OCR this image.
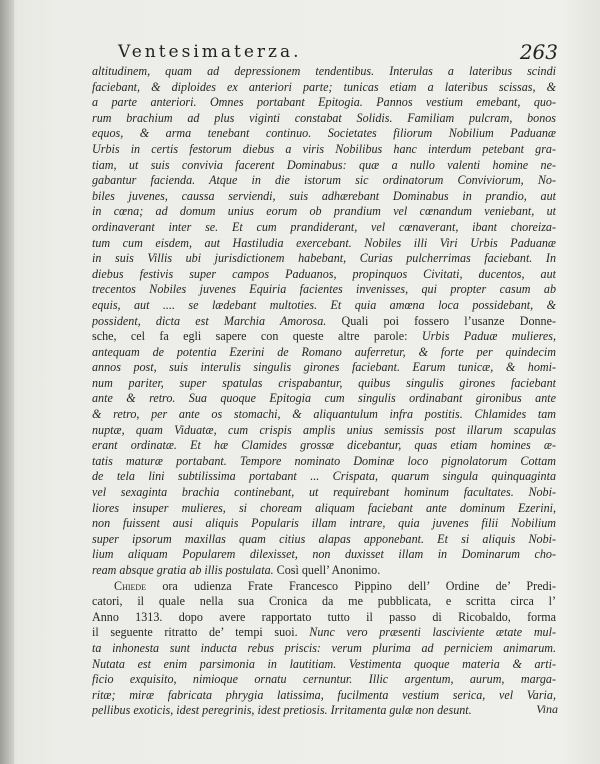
Ventesimaterza.	263
altitudinem, quam ad depressionem tendentibus. Interulas a lateribus scindi
faciebant, & diploides ex anteriori parte; tunicas etiam a lateribus scissas, &
a parte anteriori. Omnes portabant Epitogia. Pannos vestium emebant, quo-
rum brachium ad plus viginti constabat Solidis. Familiam pulcram, bonos
equos, & arma tenebant continuo. Societates filiorum Nobilium Paduanæ
Urbis in certis festorum diebus a viris Nobilibus hanc interdum petebant gra-
tiam, ut suis convivia facerent Dominabus: quæ a nullo valenti homine ne-
gabantur facienda. Atque in die istorum sic ordinatorum Conviviorum, No-
biles juvenes, caussa serviendi, suis adhærebant Dominabus in prandio, aut
in cœna; ad domum unius eorum ob prandium vel cœnandum veniebant, ut
ordinaverant inter se. Et cum prandiderant, vel cœnaverant, ibant choreiza-
tum cum eisdem, aut Hastiludia exercebant. Nobiles illi Viri Urbis Paduanæ
in suis Villis ubi jurisdictionem habebant, Curias pulcherrimas faciebant. In
diebus festivis super campos Paduanos, propinquos Civitati, ducentos, aut
trecentos Nobiles juvenes Equiria facientes invenisses, qui propter casum ab
equis, aut .... se lædebant multoties. Et quia amœna loca possidebant, &
possident, dicta est Marchia Amorosa. Quali poi fossero l’usanze Donne-
sche, cel fa egli sapere con queste altre parole: Urbis Paduæ mulieres,
antequam de potentia Ezerini de Romano auferretur, & forte per quindecim
annos post, suis interulis singulis girones faciebant. Earum tunicæ, & homi-
num pariter, super spatulas crispabantur, quibus singulis girones faciebant
ante & retro. Sua quoque Epitogia cum singulis ordinabant gironibus ante
& retro, per ante os stomachi, & aliquantulum infra postitis. Chlamides tam
nuptæ, quam Viduatæ, cum crispis amplis unius semissis post illarum scapulas
erant ordinatæ. Et hæ Clamides grossæ dicebantur, quas etiam homines æ-
tatis maturæ portabant. Tempore nominato Dominæ loco pignolatorum Cottam
de tela lini subtilissima portabant ... Crispata, quarum singula quinquaginta
vel sexaginta brachia continebant, ut requirebant hominum facultates. Nobi-
liores insuper mulieres, si choream aliquam faciebant ante dominum Ezerini,
non fuissent ausi aliquis Popularis illam intrare, quia juvenes filii Nobilium
super ipsorum maxillas quam citius alapas apponebant. Et si aliquis Nobi-
lium aliquam Popularem dilexisset, non duxisset illam in Dominarum cho-
ream absque gratia ab illis postulata. Così quell’ Anonimo.
Chiede ora udienza Frate Francesco Pippino dell’ Ordine de’ Predi-
catori, il quale nella sua Cronica da me pubblicata, e scritta circa l’
Anno 1313. dopo avere rapportato tutto il passo di Ricobaldo, forma
il seguente ritratto de’ tempi suoi. Nunc vero præsenti lasciviente ætate mul-
ta inhonesta sunt inducta rebus priscis: verum plurima ad perniciem animarum.
Nutata est enim parsimonia in lautitiam. Vestimenta quoque materia & arti-
ficio exquisito, nimioque ornatu cernuntur. Illic argentum, aurum, marga-
ritæ; miræ fabricata phrygia latissima, fucilmenta vestium serica, vel Varia,
pellibus exoticis, idest peregrinis, idest pretiosis. Irritamenta gulæ non desunt.	Vina
